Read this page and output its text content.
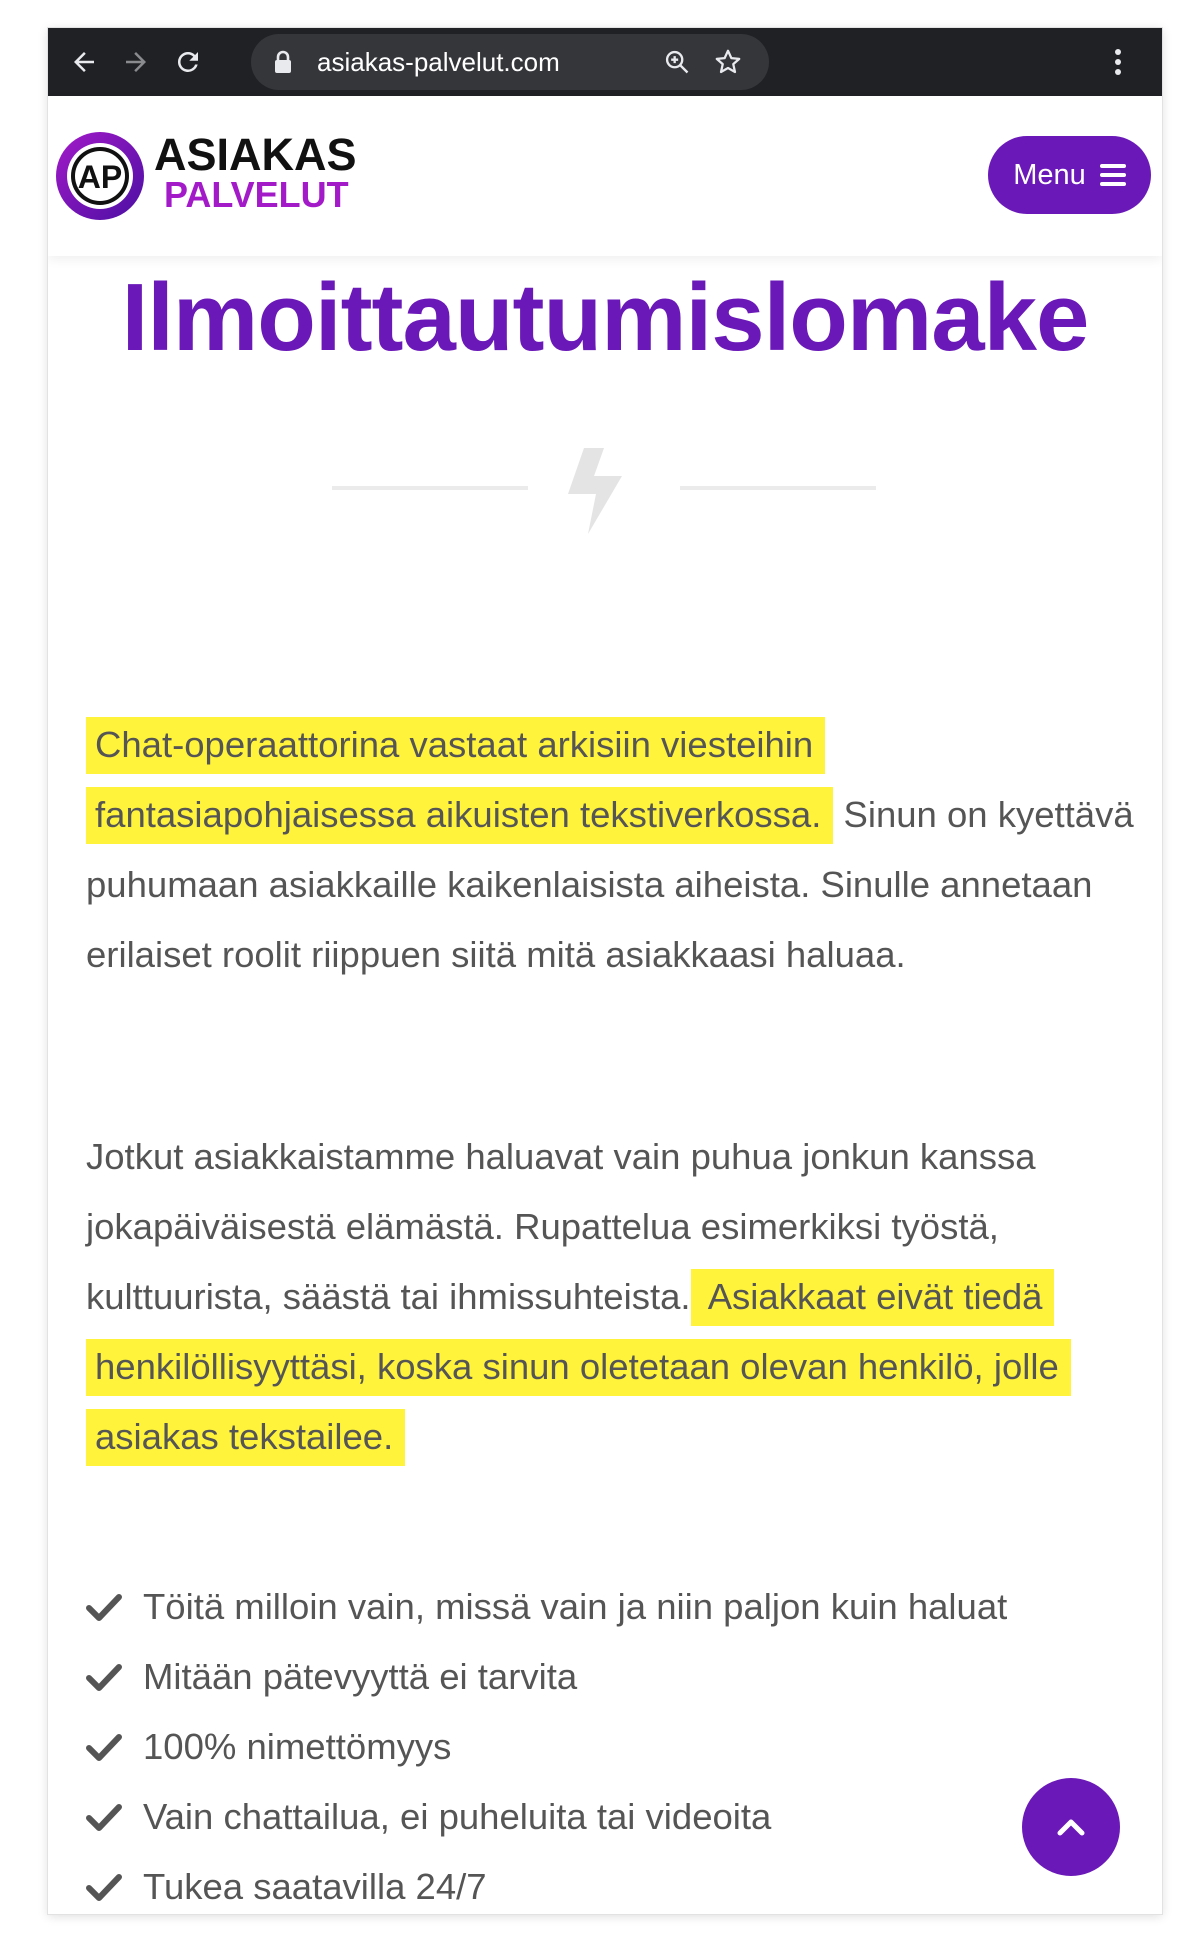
asiakas-palvelut.com
AP ASIAKAS
PALVELUT	Menu
Ilmoittautumislomake

Chat-operaattorina vastaat arkisiin viesteihin fantasiapohjaisessa aikuisten tekstiverkossa. Sinun on kyettävä puhumaan asiakkaille kaikenlaisista aiheista. Sinulle annetaan erilaiset roolit riippuen siitä mitä asiakkaasi haluaa.

Jotkut asiakkaistamme haluavat vain puhua jonkun kanssa jokapäiväisestä elämästä. Rupattelua esimerkiksi työstä, kulttuurista, säästä tai ihmissuhteista. Asiakkaat eivät tiedä henkilöllisyyttäsi, koska sinun oletetaan olevan henkilö, jolle asiakas tekstailee.

Töitä milloin vain, missä vain ja niin paljon kuin haluat
Mitään pätevyyttä ei tarvita
100% nimettömyys
Vain chattailua, ei puheluita tai videoita
Tukea saatavilla 24/7
